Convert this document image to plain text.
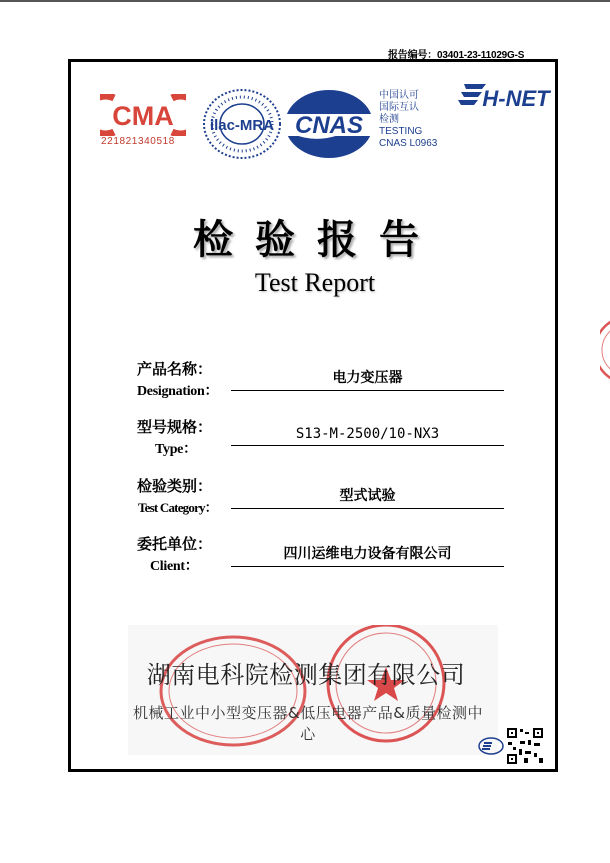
报告编号：03401-23-11029G-S
CMA
221821340518
ilac-MRA CNAS
中国认可
国际互认
检测
TESTING
CNAS L0963
H-NET
检验报告
Test Report
产品名称：
Designation：
电力变压器
型号规格：
Type：
S13-M-2500/10-NX3
检验类别：
Test Category：
型式试验
委托单位：
Client：
四川运维电力设备有限公司
湖南电科院检测集团有限公司
机械工业中小型变压器&低压电器产品&质量检测中心
